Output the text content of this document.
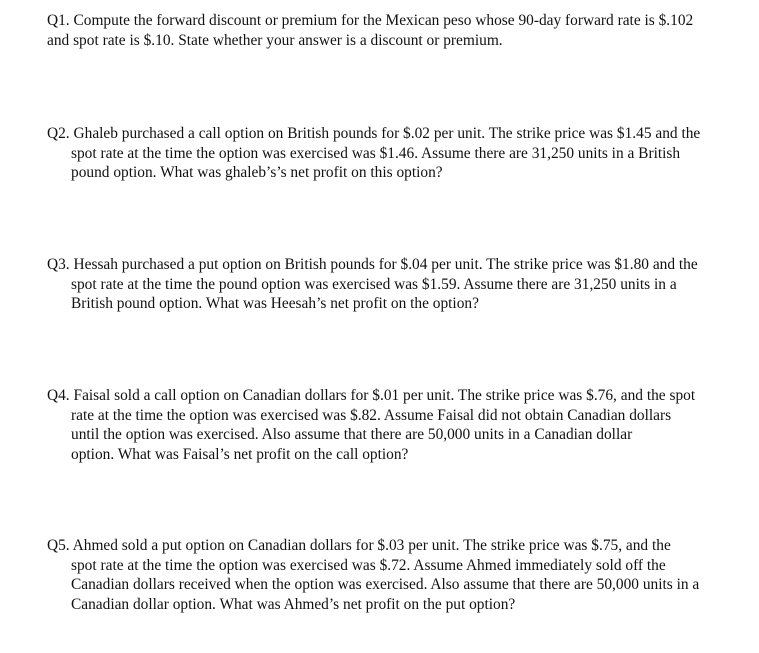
Q1. Compute the forward discount or premium for the Mexican peso whose 90-day forward rate is $.102
and spot rate is $.10. State whether your answer is a discount or premium.

Q2. Ghaleb purchased a call option on British pounds for $.02 per unit. The strike price was $1.45 and the
spot rate at the time the option was exercised was $1.46. Assume there are 31,250 units in a British
pound option. What was ghaleb’s’s net profit on this option?

Q3. Hessah purchased a put option on British pounds for $.04 per unit. The strike price was $1.80 and the
spot rate at the time the pound option was exercised was $1.59. Assume there are 31,250 units in a
British pound option. What was Heesah’s net profit on the option?

Q4. Faisal sold a call option on Canadian dollars for $.01 per unit. The strike price was $.76, and the spot
rate at the time the option was exercised was $.82. Assume Faisal did not obtain Canadian dollars
until the option was exercised. Also assume that there are 50,000 units in a Canadian dollar
option. What was Faisal’s net profit on the call option?

Q5. Ahmed sold a put option on Canadian dollars for $.03 per unit. The strike price was $.75, and the
spot rate at the time the option was exercised was $.72. Assume Ahmed immediately sold off the
Canadian dollars received when the option was exercised. Also assume that there are 50,000 units in a
Canadian dollar option. What was Ahmed’s net profit on the put option?
